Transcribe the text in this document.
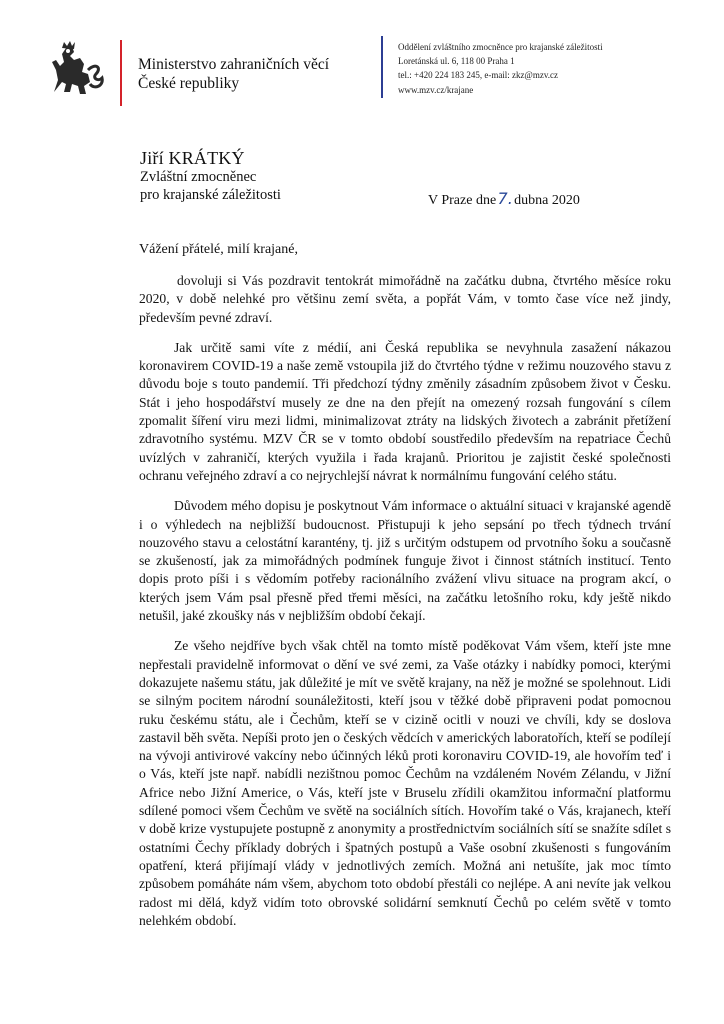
Ministerstvo zahraničních věcí
České republiky
Oddělení zvláštního zmocněnce pro krajanské záležitosti
Loretánská ul. 6, 118 00 Praha 1
tel.: +420 224 183 245, e-mail: zkz@mzv.cz
www.mzv.cz/krajane
Jiří KRÁTKÝ
Zvláštní zmocněnec
pro krajanské záležitosti	V Praze dne7.dubna 2020
Vážení přátelé, milí krajané,

dovoluji si Vás pozdravit tentokrát mimořádně na začátku dubna, čtvrtého měsíce roku 2020, v době nelehké pro většinu zemí světa, a popřát Vám, v tomto čase více než jindy, především pevné zdraví.

Jak určitě sami víte z médií, ani Česká republika se nevyhnula zasažení nákazou koronavirem COVID-19 a naše země vstoupila již do čtvrtého týdne v režimu nouzového stavu z důvodu boje s touto pandemií. Tři předchozí týdny změnily zásadním způsobem život v Česku. Stát i jeho hospodářství musely ze dne na den přejít na omezený rozsah fungování s cílem zpomalit šíření viru mezi lidmi, minimalizovat ztráty na lidských životech a zabránit přetížení zdravotního systému. MZV ČR se v tomto období soustředilo především na repatriace Čechů uvízlých v zahraničí, kterých využila i řada krajanů. Prioritou je zajistit české společnosti ochranu veřejného zdraví a co nejrychlejší návrat k normálnímu fungování celého státu.

Důvodem mého dopisu je poskytnout Vám informace o aktuální situaci v krajanské agendě i o výhledech na nejbližší budoucnost. Přistupuji k jeho sepsání po třech týdnech trvání nouzového stavu a celostátní karantény, tj. již s určitým odstupem od prvotního šoku a současně se zkušeností, jak za mimořádných podmínek funguje život i činnost státních institucí. Tento dopis proto píši i s vědomím potřeby racionálního zvážení vlivu situace na program akcí, o kterých jsem Vám psal přesně před třemi měsíci, na začátku letošního roku, kdy ještě nikdo netušil, jaké zkoušky nás v nejbližším období čekají.

Ze všeho nejdříve bych však chtěl na tomto místě poděkovat Vám všem, kteří jste mne nepřestali pravidelně informovat o dění ve své zemi, za Vaše otázky i nabídky pomoci, kterými dokazujete našemu státu, jak důležité je mít ve světě krajany, na něž je možné se spolehnout. Lidi se silným pocitem národní sounáležitosti, kteří jsou v těžké době připraveni podat pomocnou ruku českému státu, ale i Čechům, kteří se v cizině ocitli v nouzi ve chvíli, kdy se doslova zastavil běh světa. Nepíši proto jen o českých vědcích v amerických laboratořích, kteří se podílejí na vývoji antivirové vakcíny nebo účinných léků proti koronaviru COVID-19, ale hovořím teď i o Vás, kteří jste např. nabídli nezištnou pomoc Čechům na vzdáleném Novém Zélandu, v Jižní Africe nebo Jižní Americe, o Vás, kteří jste v Bruselu zřídili okamžitou informační platformu sdílené pomoci všem Čechům ve světě na sociálních sítích. Hovořím také o Vás, krajanech, kteří v době krize vystupujete postupně z anonymity a prostřednictvím sociálních sítí se snažíte sdílet s ostatními Čechy příklady dobrých i špatných postupů a Vaše osobní zkušenosti s fungováním opatření, která přijímají vlády v jednotlivých zemích. Možná ani netušíte, jak moc tímto způsobem pomáháte nám všem, abychom toto období přestáli co nejlépe. A ani nevíte jak velkou radost mi dělá, když vidím toto obrovské solidární semknutí Čechů po celém světě v tomto nelehkém období.
